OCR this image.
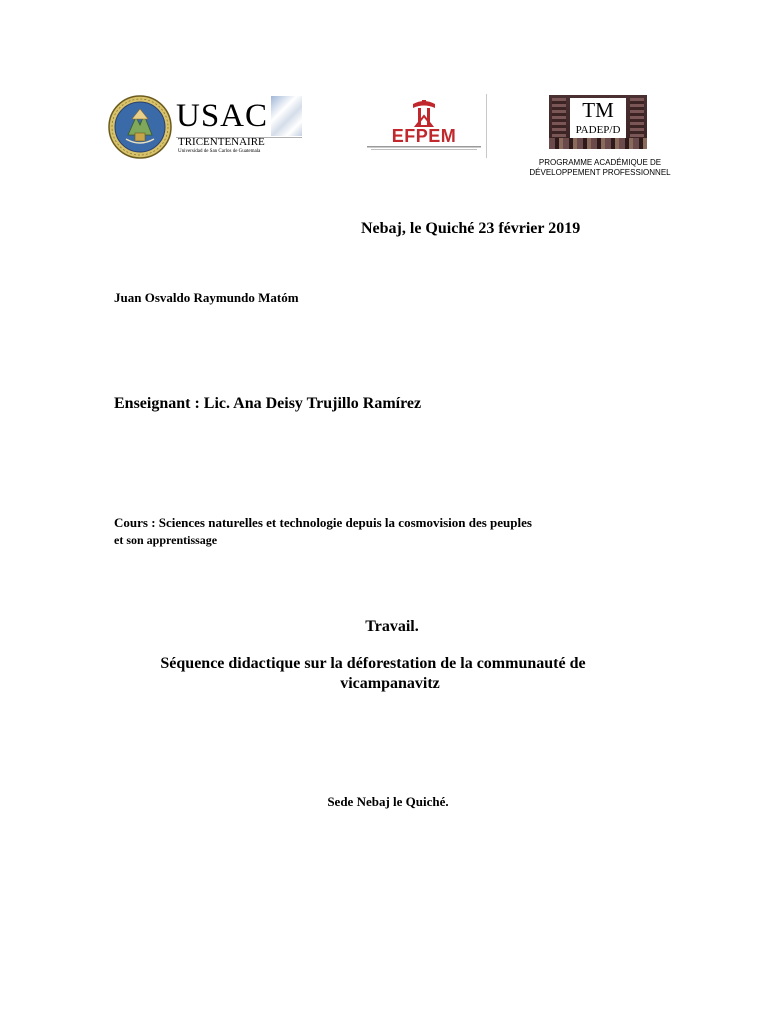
USAC
TRICENTENAIRE
Universidad de San Carlos de Guatemala
EFPEM
TM
PADEP/D
PROGRAMME ACADÉMIQUE DE
DÉVELOPPEMENT PROFESSIONNEL
Nebaj, le Quiché 23 février 2019
Juan Osvaldo Raymundo Matóm
Enseignant : Lic. Ana Deisy Trujillo Ramírez
Cours : Sciences naturelles et technologie depuis la cosmovision des peuples
et son apprentissage
Travail.
Séquence didactique sur la déforestation de la communauté de
vicampanavitz
Sede Nebaj le Quiché.
